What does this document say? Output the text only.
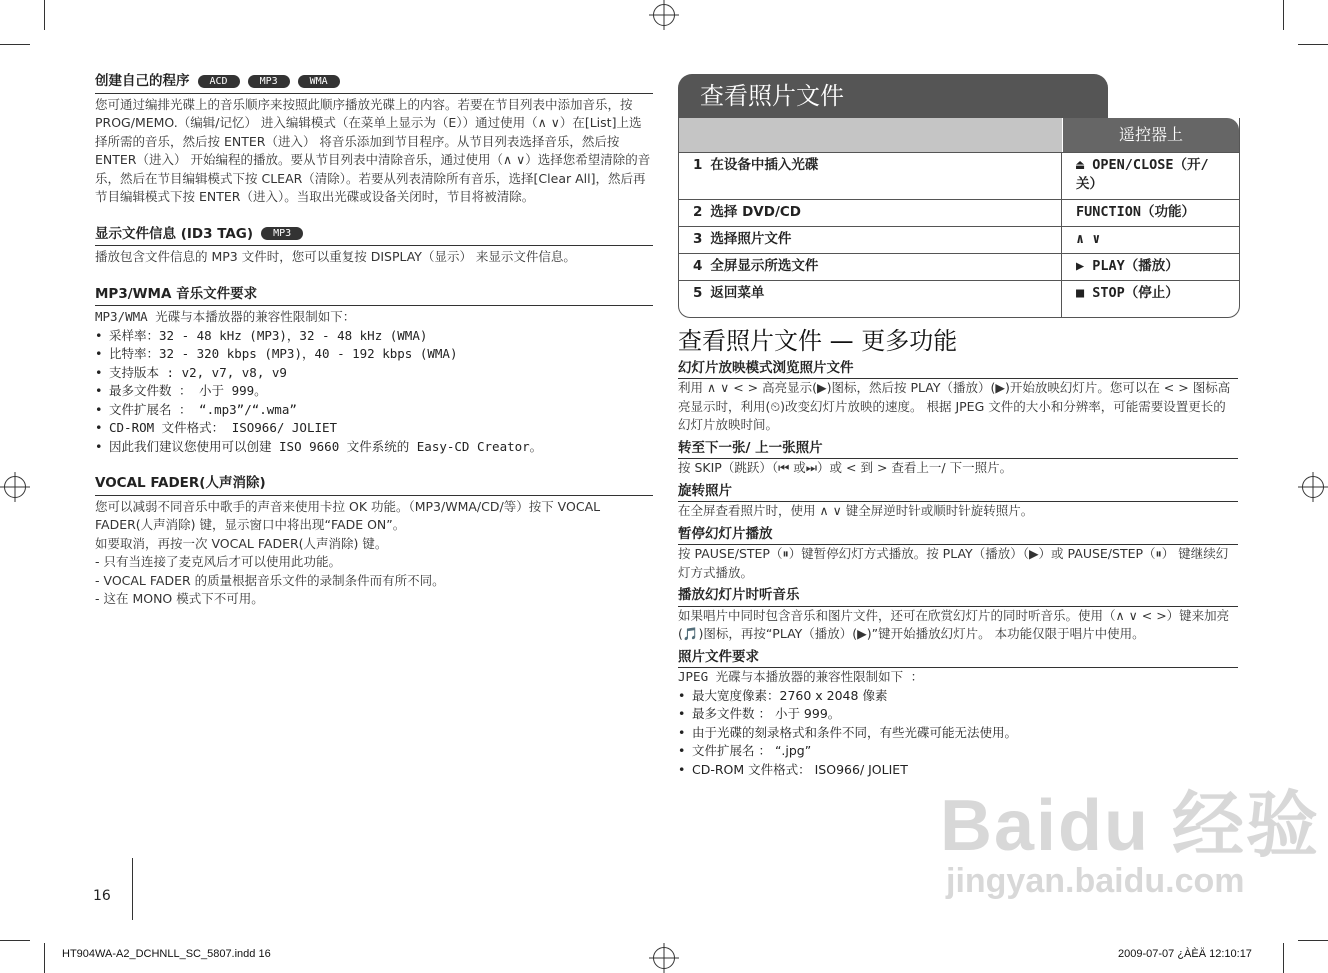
创建自己的程序	ACD	MP3	WMA

您可通过编排光碟上的音乐顺序来按照此顺序播放光碟上的内容。若要在节目列表中添加音乐，按 PROG/MEMO.（编辑/记忆） 进入编辑模式（在菜单上显示为（E））通过使用（∧ ∨）在[List]上选择所需的音乐，然后按 ENTER（进入） 将音乐添加到节目程序。从节目列表选择音乐，然后按 ENTER（进入） 开始编程的播放。要从节目列表中清除音乐，通过使用（∧ ∨）选择您希望清除的音乐，然后在节目编辑模式下按 CLEAR（清除）。若要从列表清除所有音乐，选择[Clear All]，然后再节目编辑模式下按 ENTER（进入）。当取出光碟或设备关闭时，节目将被清除。

显示文件信息 (ID3 TAG)	MP3

播放包含文件信息的 MP3 文件时，您可以重复按 DISPLAY（显示） 来显示文件信息。

MP3/WMA 音乐文件要求

MP3/WMA 光碟与本播放器的兼容性限制如下：

• 采样率：32 - 48 kHz (MP3)，32 - 48 kHz (WMA)
• 比特率：32 - 320 kbps (MP3)，40 - 192 kbps (WMA)
• 支持版本 : v2, v7, v8, v9
• 最多文件数 ： 小于 999。
• 文件扩展名 ： “.mp3”/“.wma”
• CD-ROM 文件格式： ISO966/ JOLIET
• 因此我们建议您使用可以创建 ISO 9660 文件系统的 Easy-CD Creator。
VOCAL FADER(人声消除)

您可以减弱不同音乐中歌手的声音来使用卡拉 OK 功能。（MP3/WMA/CD/等）按下 VOCAL FADER(人声消除) 键，显示窗口中将出现“FADE ON”。

如要取消，再按一次 VOCAL FADER(人声消除) 键。

- 只有当连接了麦克风后才可以使用此功能。

- VOCAL FADER 的质量根据音乐文件的录制条件而有所不同。

- 这在 MONO 模式下不可用。

查看照片文件
遥控器上
1 在设备中插入光碟	⏏ OPEN/CLOSE（开/关）
2 选择 DVD/CD	FUNCTION（功能）
3 选择照片文件	∧ ∨
4 全屏显示所选文件	▶ PLAY（播放）
5 返回菜单	■ STOP（停止）
查看照片文件 — 更多功能
幻灯片放映模式浏览照片文件

利用 ∧ ∨ < > 高亮显示(▶)图标，然后按 PLAY（播放）(▶)开始放映幻灯片。您可以在 < > 图标高亮显示时，利用(⏲)改变幻灯片放映的速度。 根据 JPEG 文件的大小和分辨率，可能需要设置更长的幻灯片放映时间。

转至下一张/ 上一张照片

按 SKIP（跳跃）（⏮ 或⏭）或 < 到 > 查看上一/ 下一照片。

旋转照片

在全屏查看照片时，使用 ∧ ∨ 键全屏逆时针或顺时针旋转照片。

暂停幻灯片播放

按 PAUSE/STEP（⏸）键暂停幻灯方式播放。按 PLAY（播放）（▶）或 PAUSE/STEP（⏸） 键继续幻灯方式播放。

播放幻灯片时听音乐

如果唱片中同时包含音乐和图片文件，还可在欣赏幻灯片的同时听音乐。使用（∧ ∨ < >）键来加亮(🎵)图标，再按“PLAY（播放）(▶)”键开始播放幻灯片。 本功能仅限于唱片中使用。

照片文件要求

JPEG 光碟与本播放器的兼容性限制如下 ：

• 最大宽度像素：2760 x 2048 像素
• 最多文件数 ： 小于 999。
• 由于光碟的刻录格式和条件不同，有些光碟可能无法使用。
• 文件扩展名 ： “.jpg”
• CD-ROM 文件格式： ISO966/ JOLIET
Baidu 经验
jingyan.baidu.com
16
HT904WA-A2_DCHNLL_SC_5807.indd 16	2009-07-07 ¿ÀÈÄ 12:10:17
